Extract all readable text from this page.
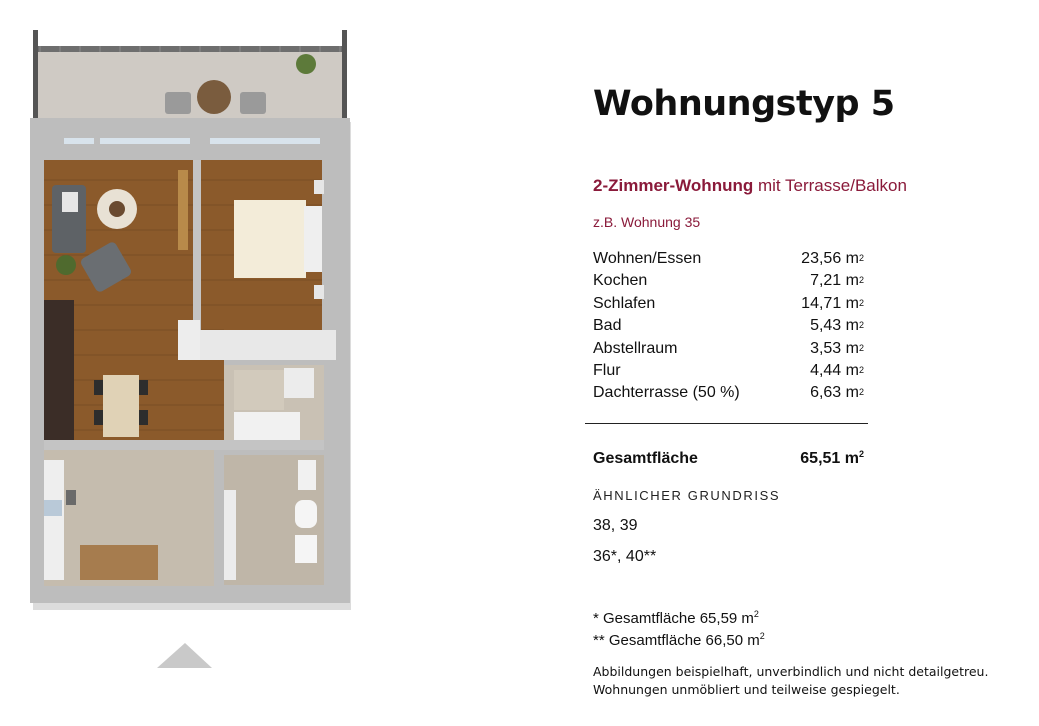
Wohnungstyp 5
2-Zimmer-Wohnung mit Terrasse/Balkon
z.B. Wohnung 35
Wohnen/Essen	23,56 $m^2$
Kochen	7,21 $m^2$
Schlafen	14,71 $m^2$
Bad	5,43 $m^2$
Abstellraum	3,53 $m^2$
Flur	4,44 $m^2$
Dachterrasse (50 %)	6,63 $m^2$
Gesamtfläche	65,51 $m^2$
ÄHNLICHER GRUNDRISS
38, 39
36*, 40**
* Gesamtfläche 65,59 $m^2$
** Gesamtfläche 66,50 $m^2$
Abbildungen beispielhaft, unverbindlich und nicht detailgetreu.
Wohnungen unmöbliert und teilweise gespiegelt.
